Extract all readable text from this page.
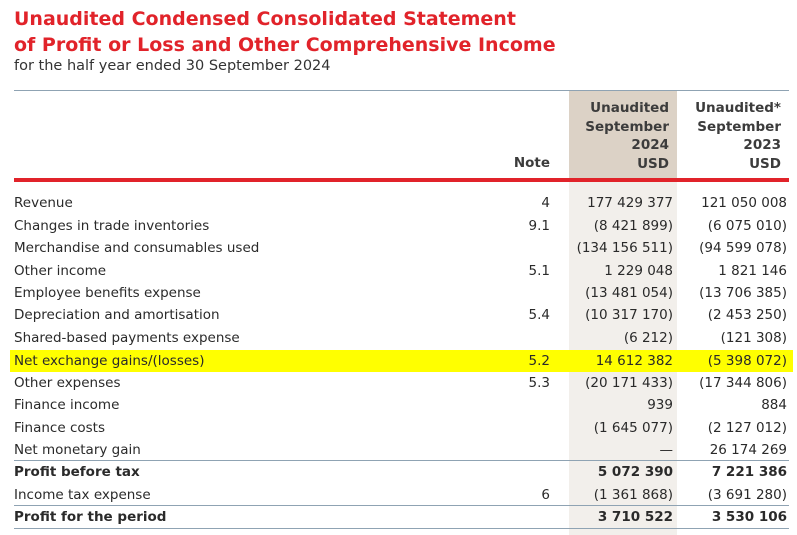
Unaudited Condensed Consolidated Statement
of Profit or Loss and Other Comprehensive Income
for the half year ended 30 September 2024
Note
Unaudited
September
2024
USD
Unaudited*
September
2023
USD
Revenue	4	177 429 377	121 050 008
Changes in trade inventories	9.1	(8 421 899)	(6 075 010)
Merchandise and consumables used	(134 156 511)	(94 599 078)
Other income	5.1	1 229 048	1 821 146
Employee benefits expense	(13 481 054)	(13 706 385)
Depreciation and amortisation	5.4	(10 317 170)	(2 453 250)
Shared-based payments expense	(6 212)	(121 308)
Net exchange gains/(losses)	5.2	14 612 382	(5 398 072)
Other expenses	5.3	(20 171 433)	(17 344 806)
Finance income	939	884
Finance costs	(1 645 077)	(2 127 012)
Net monetary gain	—	26 174 269
Profit before tax	5 072 390	7 221 386
Income tax expense	6	(1 361 868)	(3 691 280)
Profit for the period	3 710 522	3 530 106
